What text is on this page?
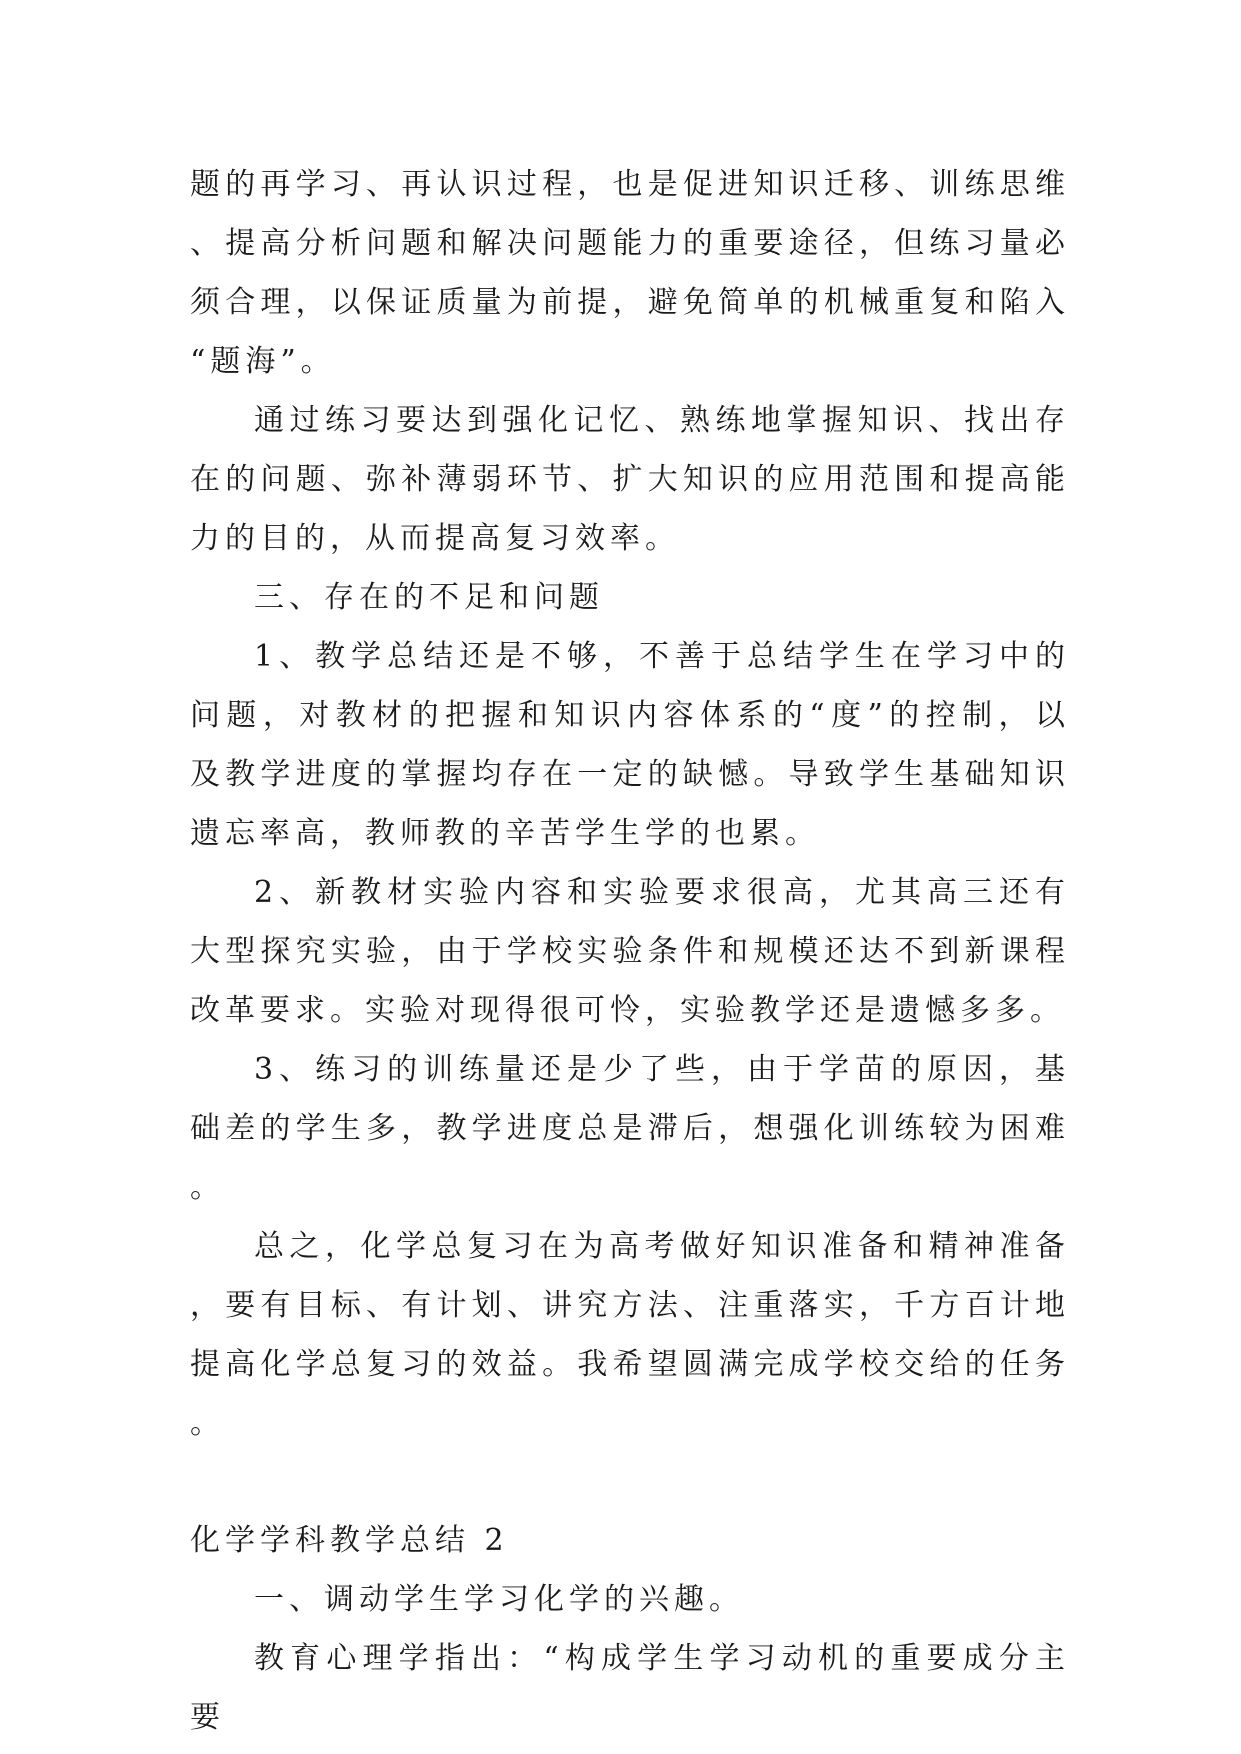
题的再学习、再认识过程，也是促进知识迁移、训练思维、提高分析问题和解决问题能力的重要途径，但练习量必须合理，以保证质量为前提，避免简单的机械重复和陷入“题海”。

通过练习要达到强化记忆、熟练地掌握知识、找出存在的问题、弥补薄弱环节、扩大知识的应用范围和提高能力的目的，从而提高复习效率。

三、存在的不足和问题

1、教学总结还是不够，不善于总结学生在学习中的问题，对教材的把握和知识内容体系的“度”的控制，以及教学进度的掌握均存在一定的缺憾。导致学生基础知识遗忘率高，教师教的辛苦学生学的也累。

2、新教材实验内容和实验要求很高，尤其高三还有大型探究实验，由于学校实验条件和规模还达不到新课程改革要求。实验对现得很可怜，实验教学还是遗憾多多。

3、练习的训练量还是少了些，由于学苗的原因，基础差的学生多，教学进度总是滞后，想强化训练较为困难。

总之，化学总复习在为高考做好知识准备和精神准备，要有目标、有计划、讲究方法、注重落实，千方百计地提高化学总复习的效益。我希望圆满完成学校交给的任务。

化学学科教学总结 2

一、调动学生学习化学的兴趣。

教育心理学指出：“构成学生学习动机的重要成分主要
